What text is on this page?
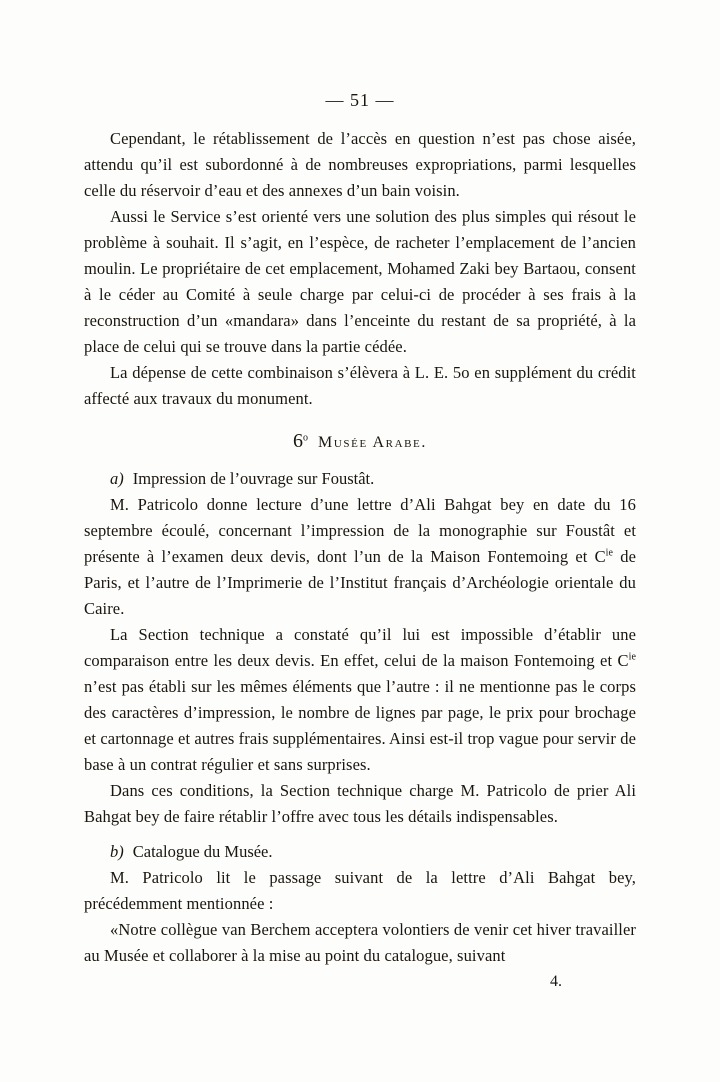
— 51 —

Cependant, le rétablissement de l’accès en question n’est pas chose aisée, attendu qu’il est subordonné à de nombreuses expropriations, parmi lesquelles celle du réservoir d’eau et des annexes d’un bain voisin.

Aussi le Service s’est orienté vers une solution des plus simples qui résout le problème à souhait. Il s’agit, en l’espèce, de racheter l’emplacement de l’ancien moulin. Le propriétaire de cet emplacement, Mohamed Zaki bey Bartaou, consent à le céder au Comité à seule charge par celui-ci de procéder à ses frais à la reconstruction d’un «mandara» dans l’enceinte du restant de sa propriété, à la place de celui qui se trouve dans la partie cédée.

La dépense de cette combinaison s’élèvera à L. E. 5o en supplément du crédit affecté aux travaux du monument.

6$^o$ Musée Arabe.

a) Impression de l’ouvrage sur Foustât.

M. Patricolo donne lecture d’une lettre d’Ali Bahgat bey en date du 16 septembre écoulé, concernant l’impression de la monographie sur Foustât et présente à l’examen deux devis, dont l’un de la Maison Fontemoing et $C^{ie}$ de Paris, et l’autre de l’Imprimerie de l’Institut français d’Archéologie orientale du Caire.

La Section technique a constaté qu’il lui est impossible d’établir une comparaison entre les deux devis. En effet, celui de la maison Fontemoing et $C^{ie}$ n’est pas établi sur les mêmes éléments que l’autre : il ne mentionne pas le corps des caractères d’impression, le nombre de lignes par page, le prix pour brochage et cartonnage et autres frais supplémentaires. Ainsi est-il trop vague pour servir de base à un contrat régulier et sans surprises.

Dans ces conditions, la Section technique charge M. Patricolo de prier Ali Bahgat bey de faire rétablir l’offre avec tous les détails indispensables.

b) Catalogue du Musée.

M. Patricolo lit le passage suivant de la lettre d’Ali Bahgat bey, précédemment mentionnée :

«Notre collègue van Berchem acceptera volontiers de venir cet hiver travailler au Musée et collaborer à la mise au point du catalogue, suivant

4.
